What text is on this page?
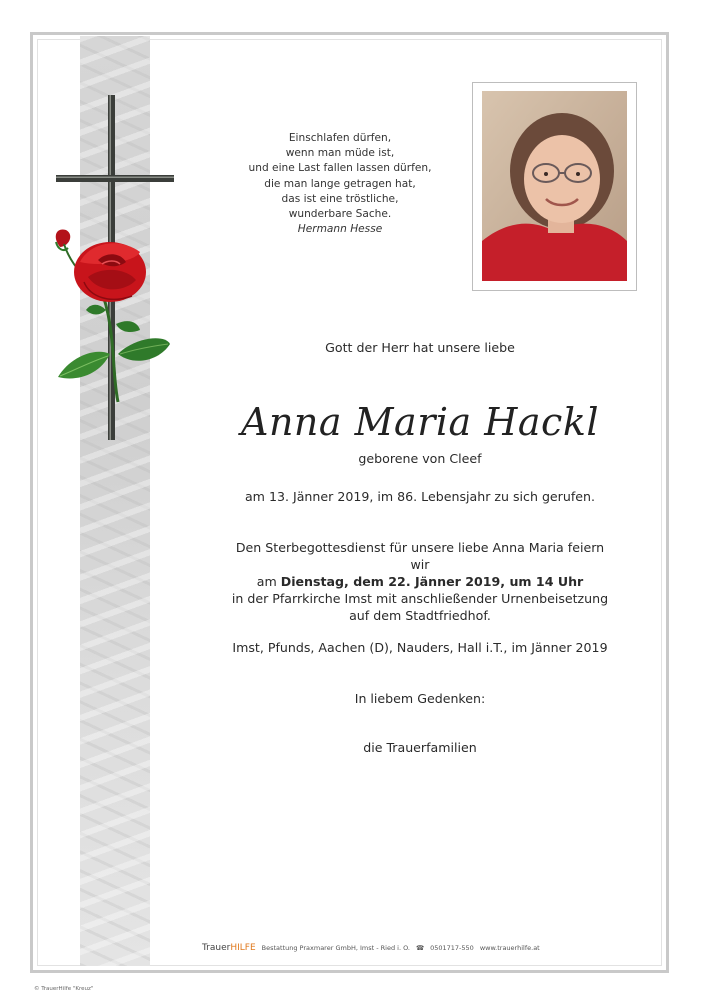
Einschlafen dürfen,
wenn man müde ist,
und eine Last fallen lassen dürfen,
die man lange getragen hat,
das ist eine tröstliche,
wunderbare Sache.
Hermann Hesse
Gott der Herr hat unsere liebe
Anna Maria Hackl
geborene von Cleef
am 13. Jänner 2019, im 86. Lebensjahr zu sich gerufen.
Den Sterbegottesdienst für unsere liebe Anna Maria feiern wir
am Dienstag, dem 22. Jänner 2019, um 14 Uhr
in der Pfarrkirche Imst mit anschließender Urnenbeisetzung
auf dem Stadtfriedhof.
Imst, Pfunds, Aachen (D), Nauders, Hall i.T., im Jänner 2019
In liebem Gedenken:
die Trauerfamilien
TrauerHILFE Bestattung Praxmarer GmbH, Imst - Ried i. O. ☎ 0501717-550 www.trauerhilfe.at
© TrauerHilfe "Kreuz"
